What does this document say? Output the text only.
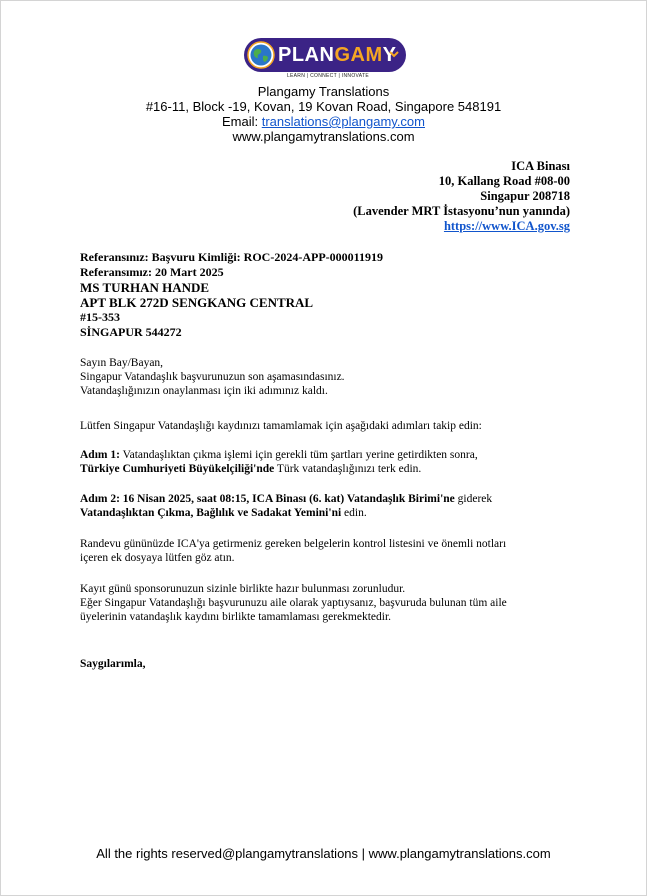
PLANGAMY
LEARN | CONNECT | INNOVATE
Plangamy Translations
#16-11, Block -19, Kovan, 19 Kovan Road, Singapore 548191
Email: translations@plangamy.com
www.plangamytranslations.com
ICA Binası
10, Kallang Road #08-00
Singapur 208718
(Lavender MRT İstasyonu’nun yanında)
https://www.ICA.gov.sg
Referansınız: Başvuru Kimliği: ROC-2024-APP-000011919
Referansımız: 20 Mart 2025
MS TURHAN HANDE
APT BLK 272D SENGKANG CENTRAL
#15-353
SİNGAPUR 544272
Sayın Bay/Bayan,
Singapur Vatandaşlık başvurunuzun son aşamasındasınız.
Vatandaşlığınızın onaylanması için iki adımınız kaldı.
Lütfen Singapur Vatandaşlığı kaydınızı tamamlamak için aşağıdaki adımları takip edin:
Adım 1: Vatandaşlıktan çıkma işlemi için gerekli tüm şartları yerine getirdikten sonra,
Türkiye Cumhuriyeti Büyükelçiliği'nde Türk vatandaşlığınızı terk edin.
Adım 2: 16 Nisan 2025, saat 08:15, ICA Binası (6. kat) Vatandaşlık Birimi'ne giderek
Vatandaşlıktan Çıkma, Bağlılık ve Sadakat Yemini'ni edin.
Randevu gününüzde ICA'ya getirmeniz gereken belgelerin kontrol listesini ve önemli notları
içeren ek dosyaya lütfen göz atın.
Kayıt günü sponsorunuzun sizinle birlikte hazır bulunması zorunludur.
Eğer Singapur Vatandaşlığı başvurunuzu aile olarak yaptıysanız, başvuruda bulunan tüm aile
üyelerinin vatandaşlık kaydını birlikte tamamlaması gerekmektedir.
Saygılarımla,
All the rights reserved@plangamytranslations | www.plangamytranslations.com
